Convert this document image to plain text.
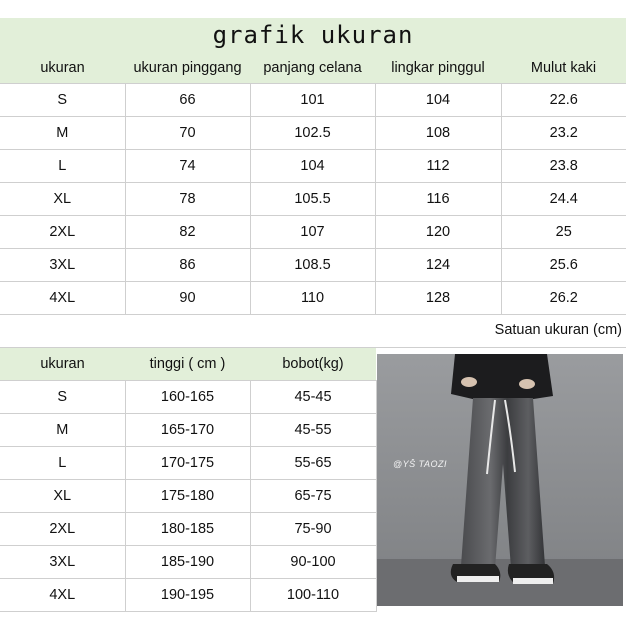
grafik ukuran
ukuran	ukuran pinggang	panjang celana	lingkar pinggul	Mulut kaki
S	66	101	104	22.6
M	70	102.5	108	23.2
L	74	104	112	23.8
XL	78	105.5	116	24.4
2XL	82	107	120	25
3XL	86	108.5	124	25.6
4XL	90	110	128	26.2
Satuan ukuran (cm)
ukuran	tinggi ( cm )	bobot(kg)
S	160-165	45-45
M	165-170	45-55
L	170-175	55-65
XL	175-180	65-75
2XL	180-185	75-90
3XL	185-190	90-100
4XL	190-195	100-110
@YŠ TAOZI
